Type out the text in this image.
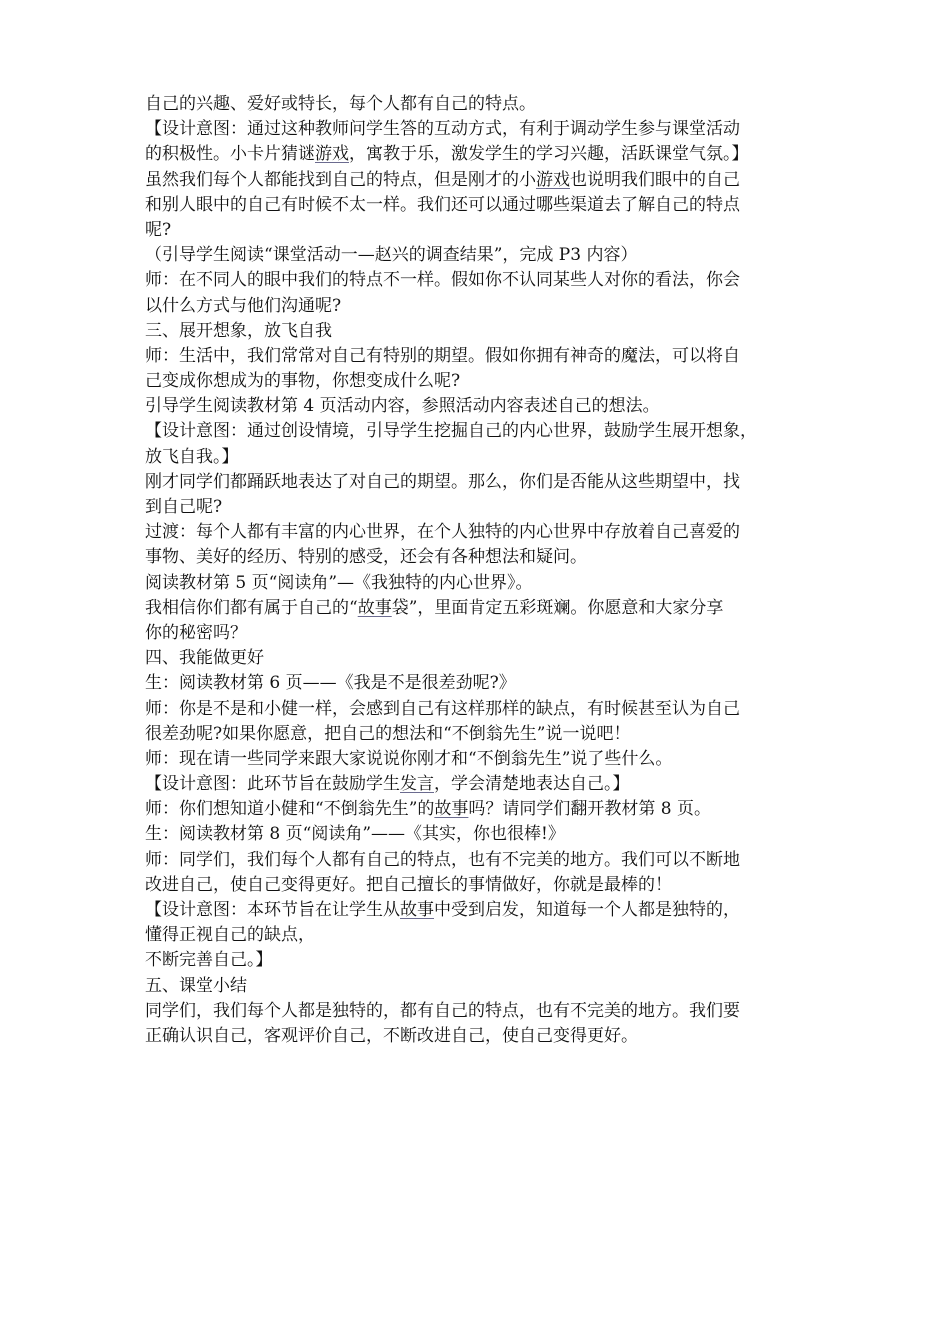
自己的兴趣、爱好或特长，每个人都有自己的特点。
【设计意图：通过这种教师问学生答的互动方式，有利于调动学生参与课堂活动
的积极性。小卡片猜谜游戏，寓教于乐，激发学生的学习兴趣，活跃课堂气氛。】
虽然我们每个人都能找到自己的特点，但是刚才的小游戏也说明我们眼中的自己
和别人眼中的自己有时候不太一样。我们还可以通过哪些渠道去了解自己的特点
呢?
（引导学生阅读“课堂活动一—赵兴的调查结果”，完成 P3 内容）
师：在不同人的眼中我们的特点不一样。假如你不认同某些人对你的看法，你会
以什么方式与他们沟通呢?
三、展开想象，放飞自我
师：生活中，我们常常对自己有特别的期望。假如你拥有神奇的魔法，可以将自
己变成你想成为的事物，你想变成什么呢?
引导学生阅读教材第 4 页活动内容，参照活动内容表述自己的想法。
【设计意图：通过创设情境，引导学生挖掘自己的内心世界，鼓励学生展开想象，
放飞自我。】
刚才同学们都踊跃地表达了对自己的期望。那么，你们是否能从这些期望中，找
到自己呢?
过渡：每个人都有丰富的内心世界，在个人独特的内心世界中存放着自己喜爱的
事物、美好的经历、特别的感受，还会有各种想法和疑问。
阅读教材第 5 页“阅读角”—《我独特的内心世界》。
我相信你们都有属于自己的“故事袋”，里面肯定五彩斑斓。你愿意和大家分享
你的秘密吗？
四、我能做更好
生：阅读教材第 6 页——《我是不是很差劲呢?》
师：你是不是和小健一样，会感到自己有这样那样的缺点，有时候甚至认为自己
很差劲呢?如果你愿意，把自己的想法和“不倒翁先生”说一说吧！
师：现在请一些同学来跟大家说说你刚才和“不倒翁先生”说了些什么。
【设计意图：此环节旨在鼓励学生发言，学会清楚地表达自己。】
师：你们想知道小健和“不倒翁先生”的故事吗？请同学们翻开教材第 8 页。
生：阅读教材第 8 页“阅读角”——《其实，你也很棒!》
师：同学们，我们每个人都有自己的特点，也有不完美的地方。我们可以不断地
改进自己，使自己变得更好。把自己擅长的事情做好，你就是最棒的！
【设计意图：本环节旨在让学生从故事中受到启发，知道每一个人都是独特的，
懂得正视自己的缺点，
不断完善自己。】
五、课堂小结
同学们，我们每个人都是独特的，都有自己的特点，也有不完美的地方。我们要
正确认识自己，客观评价自己，不断改进自己，使自己变得更好。
